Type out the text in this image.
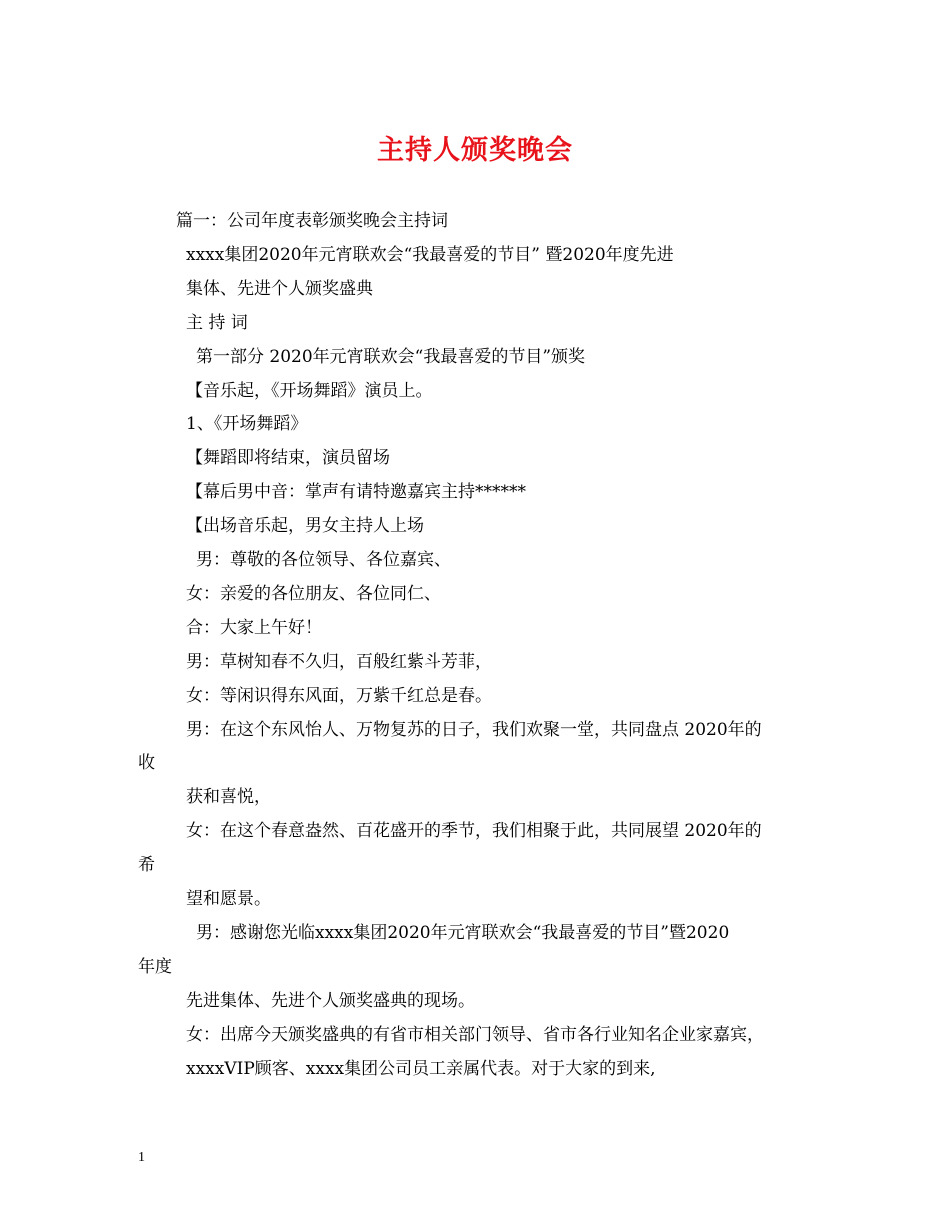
主持人颁奖晚会
篇一：公司年度表彰颁奖晚会主持词
xxxx集团2020年元宵联欢会“我最喜爱的节目” 暨2020年度先进
集体、先进个人颁奖盛典
主 持 词
第一部分 2020年元宵联欢会“我最喜爱的节目”颁奖
【音乐起，《开场舞蹈》演员上。
1、《开场舞蹈》
【舞蹈即将结束，演员留场
【幕后男中音：掌声有请特邀嘉宾主持******
【出场音乐起，男女主持人上场
男：尊敬的各位领导、各位嘉宾、
女：亲爱的各位朋友、各位同仁、
合：大家上午好！
男：草树知春不久归，百般红紫斗芳菲，
女：等闲识得东风面，万紫千红总是春。
男：在这个东风怡人、万物复苏的日子，我们欢聚一堂，共同盘点 2020年的
收
获和喜悦，
女：在这个春意盎然、百花盛开的季节，我们相聚于此，共同展望 2020年的
希
望和愿景。
男：感谢您光临xxxx集团2020年元宵联欢会“我最喜爱的节目”暨2020
年度
先进集体、先进个人颁奖盛典的现场。
女：出席今天颁奖盛典的有省市相关部门领导、省市各行业知名企业家嘉宾，
xxxxVIP顾客、xxxx集团公司员工亲属代表。对于大家的到来,
1
